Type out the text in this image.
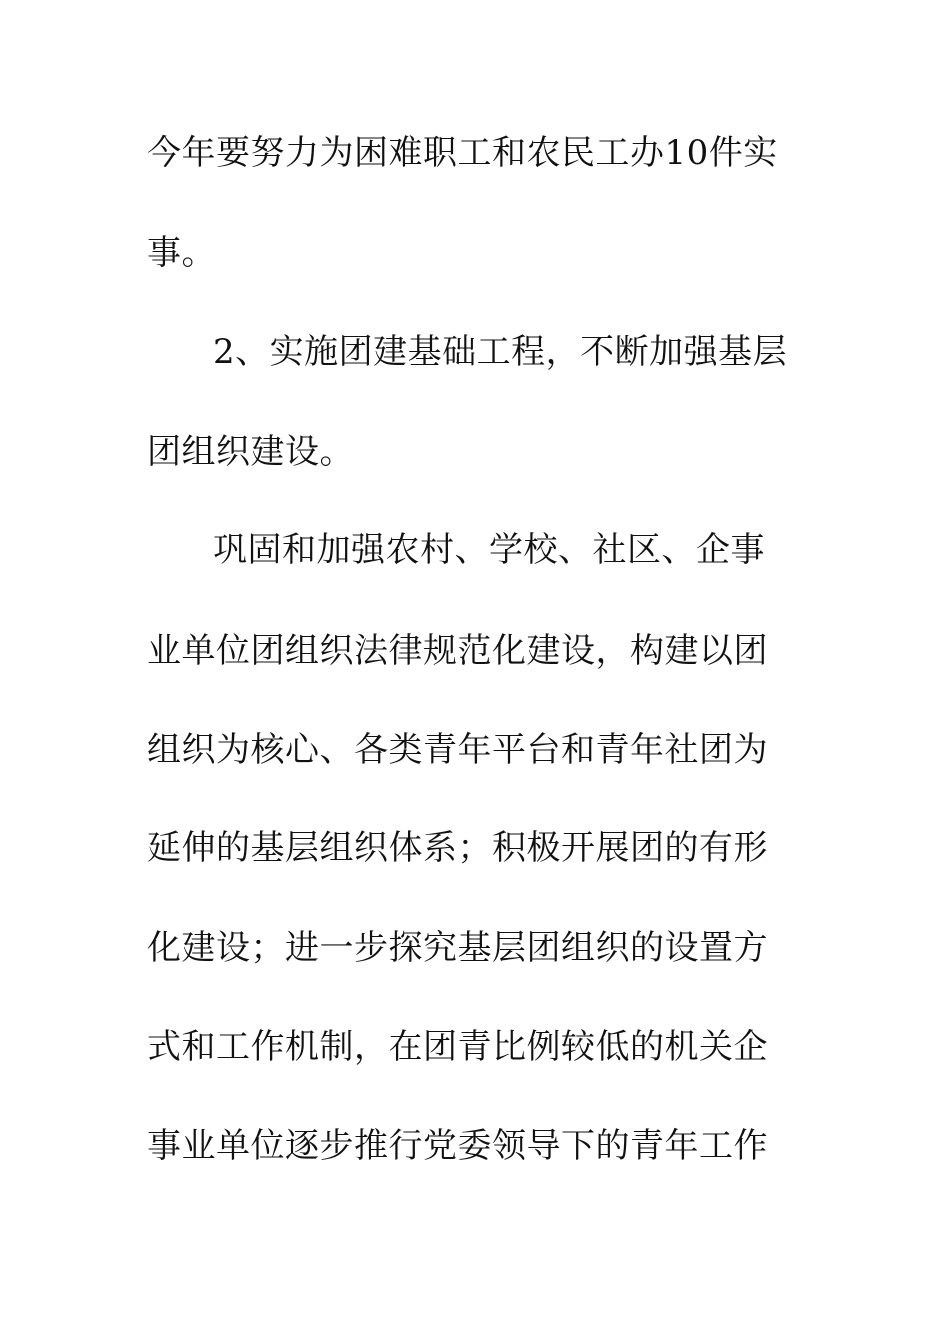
今年要努力为困难职工和农民工办10件实
事。
2、实施团建基础工程，不断加强基层
团组织建设。
巩固和加强农村、学校、社区、企事
业单位团组织法律规范化建设，构建以团
组织为核心、各类青年平台和青年社团为
延伸的基层组织体系；积极开展团的有形
化建设；进一步探究基层团组织的设置方
式和工作机制，在团青比例较低的机关企
事业单位逐步推行党委领导下的青年工作
